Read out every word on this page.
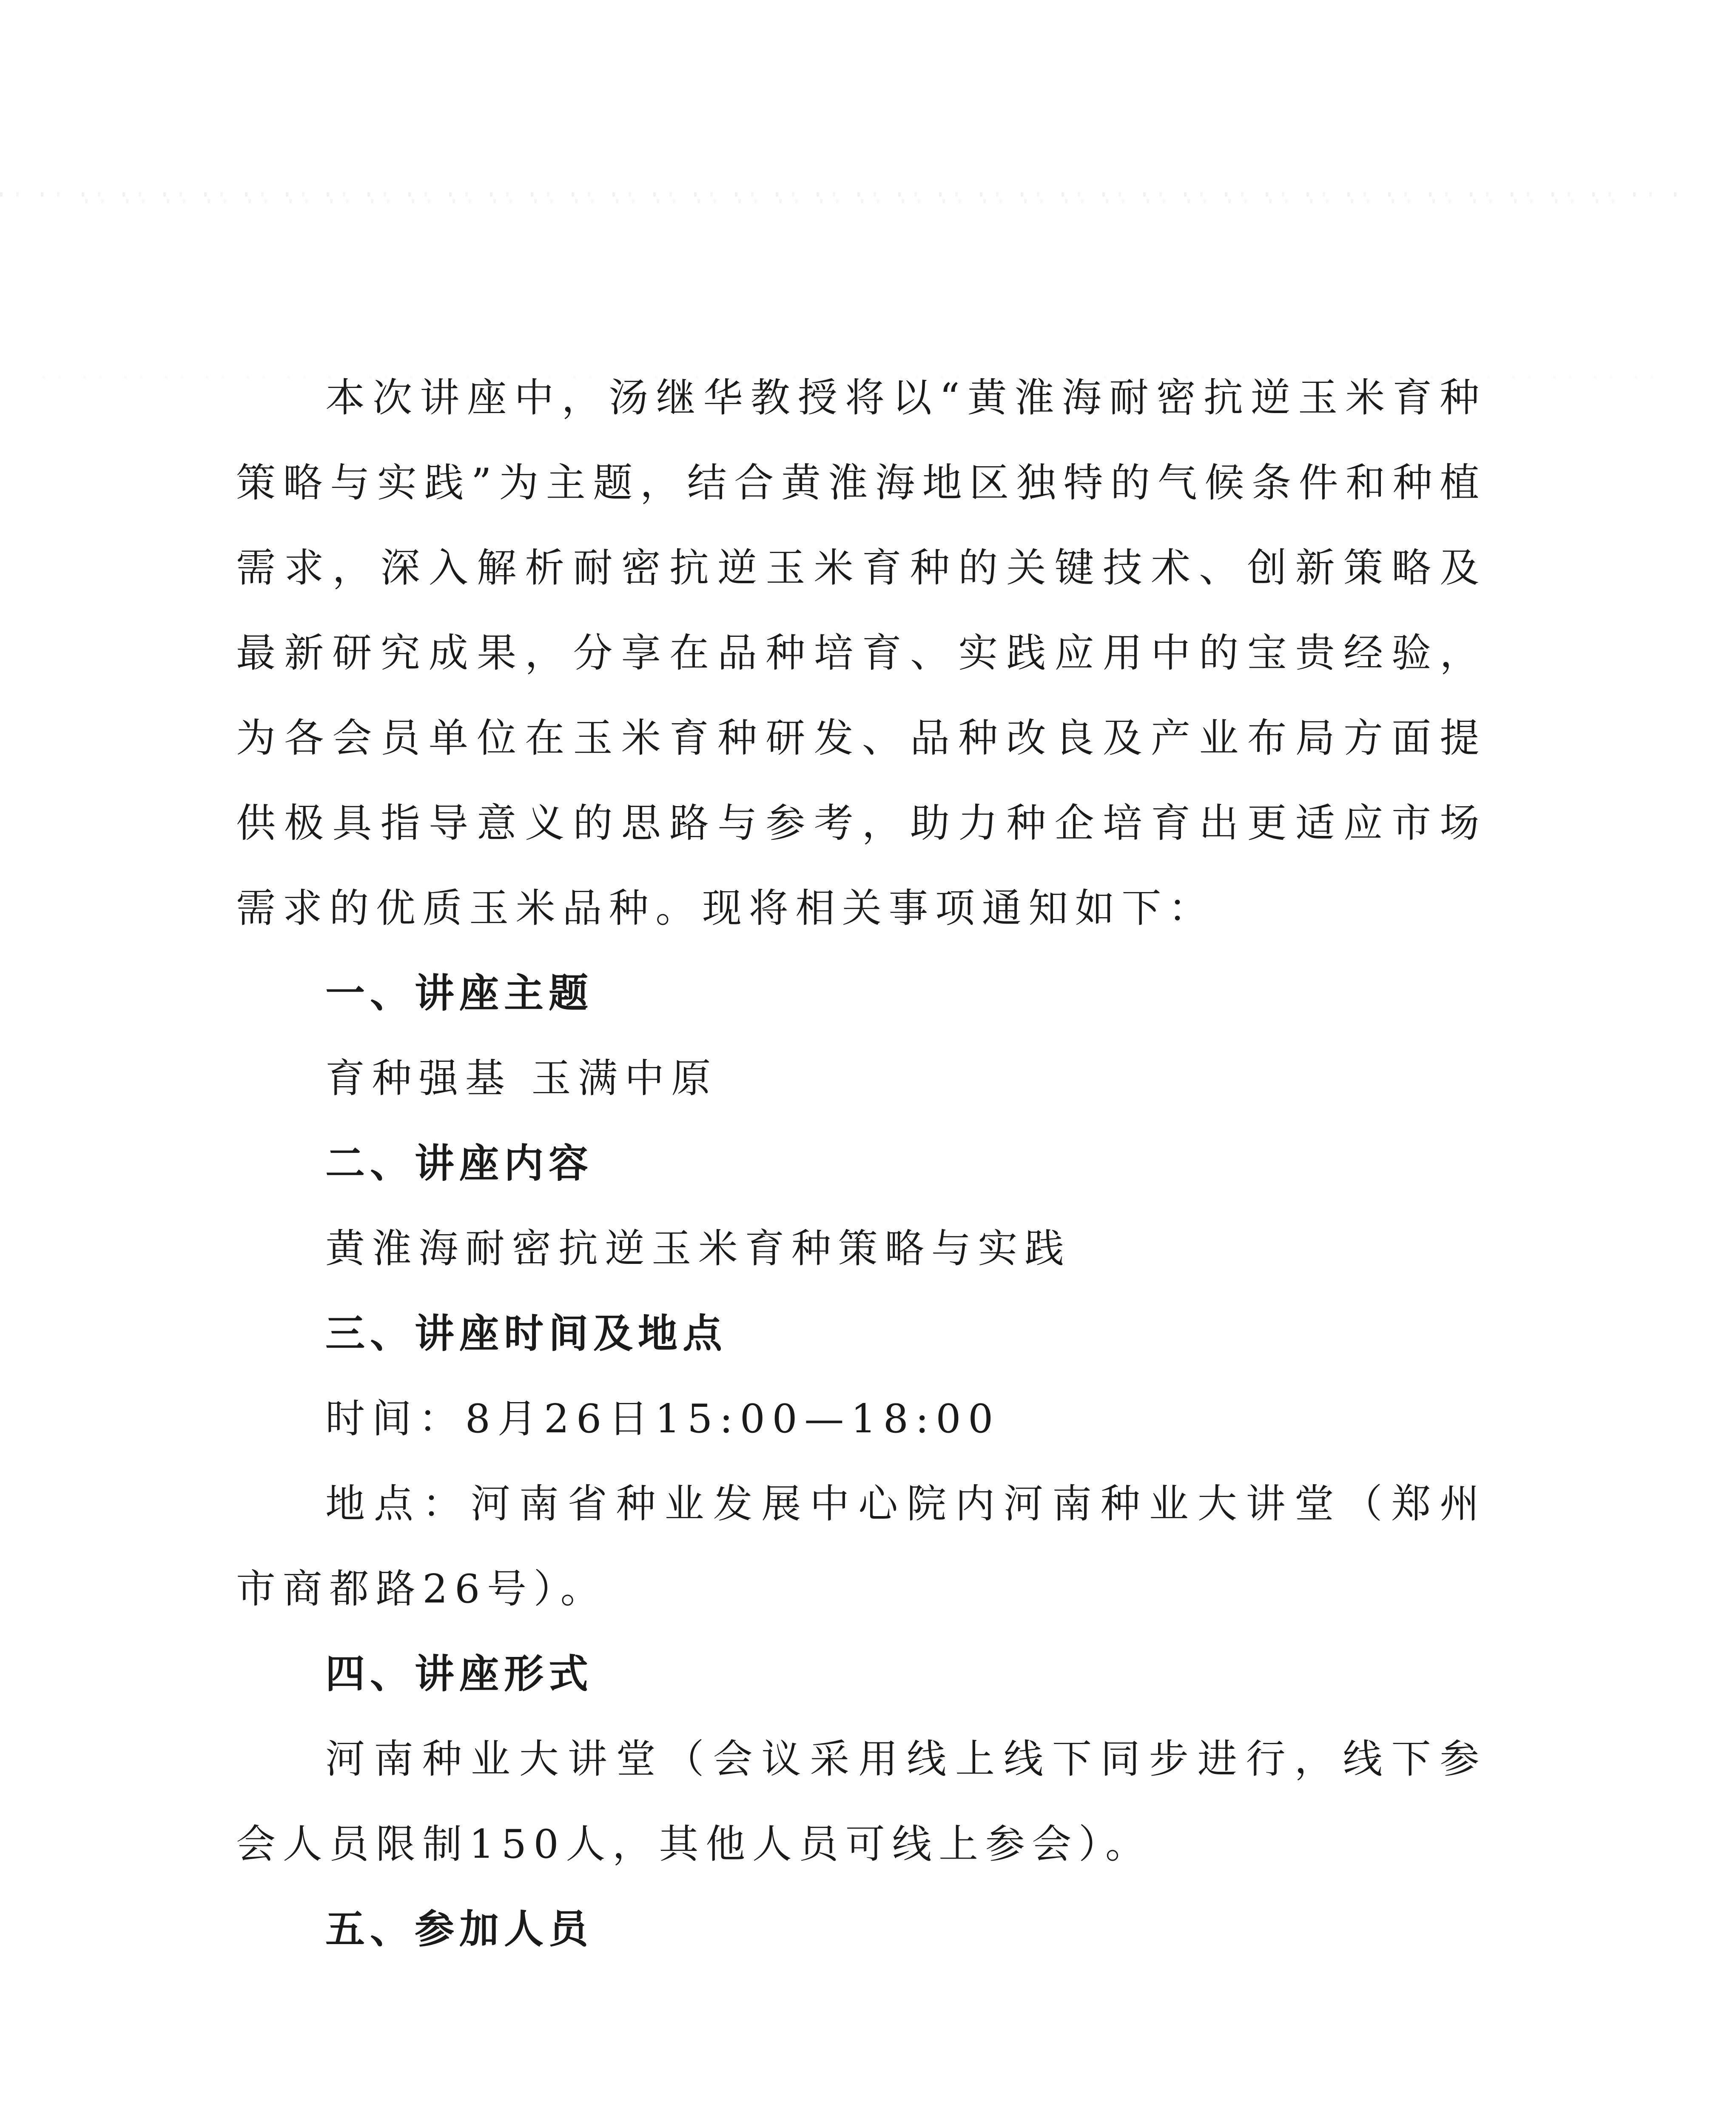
本次讲座中，汤继华教授将以“黄淮海耐密抗逆玉米育种策略与实践”为主题，结合黄淮海地区独特的气候条件和种植需求，深入解析耐密抗逆玉米育种的关键技术、创新策略及最新研究成果，分享在品种培育、实践应用中的宝贵经验，为各会员单位在玉米育种研发、品种改良及产业布局方面提供极具指导意义的思路与参考，助力种企培育出更适应市场需求的优质玉米品种。现将相关事项通知如下：

一、讲座主题

育种强基 玉满中原

二、讲座内容

黄淮海耐密抗逆玉米育种策略与实践

三、讲座时间及地点

时间：8月26日15:00—18:00

地点：河南省种业发展中心院内河南种业大讲堂（郑州市商都路26号）。

四、讲座形式

河南种业大讲堂（会议采用线上线下同步进行，线下参会人员限制150人，其他人员可线上参会）。

五、参加人员
